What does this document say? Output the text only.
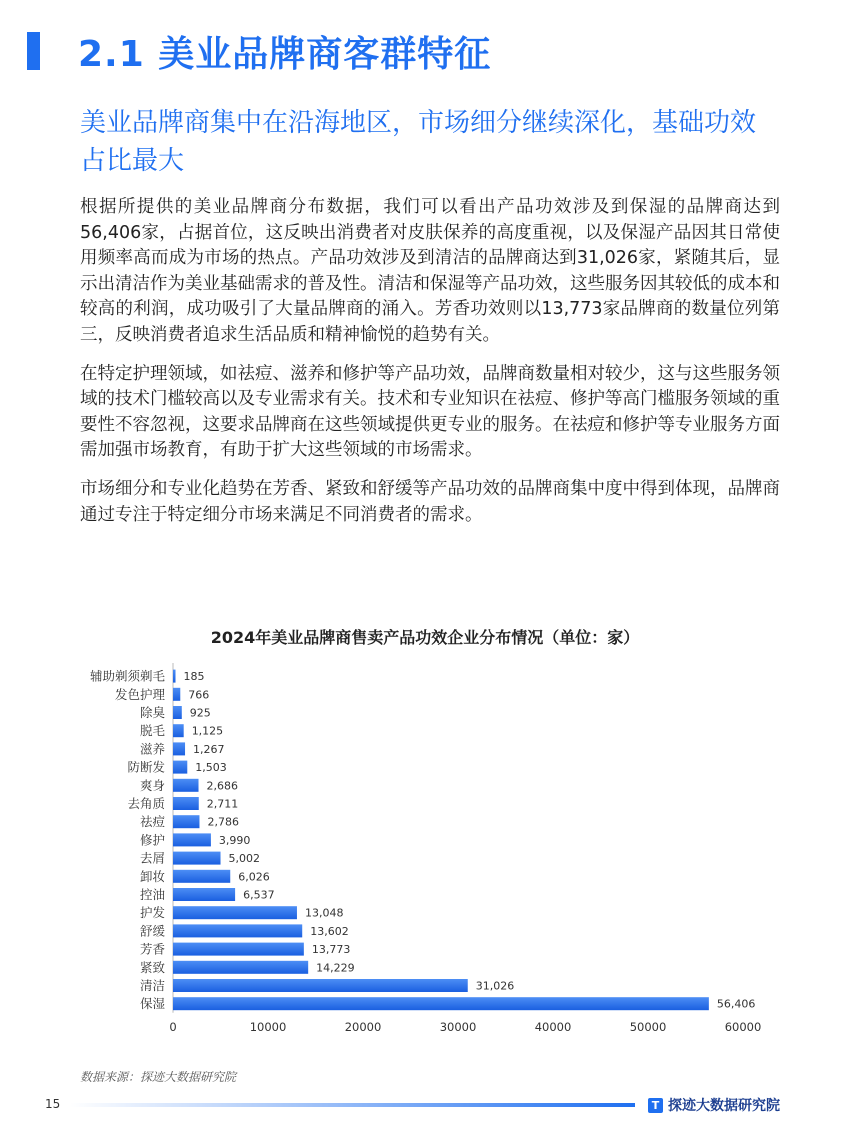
2.1 美业品牌商客群特征
美业品牌商集中在沿海地区，市场细分继续深化，基础功效占比最大

根据所提供的美业品牌商分布数据，我们可以看出产品功效涉及到保湿的品牌商达到56,406家，占据首位，这反映出消费者对皮肤保养的高度重视，以及保湿产品因其日常使用频率高而成为市场的热点。产品功效涉及到清洁的品牌商达到31,026家，紧随其后，显示出清洁作为美业基础需求的普及性。清洁和保湿等产品功效，这些服务因其较低的成本和较高的利润，成功吸引了大量品牌商的涌入。芳香功效则以13,773家品牌商的数量位列第三，反映消费者追求生活品质和精神愉悦的趋势有关。

在特定护理领域，如祛痘、滋养和修护等产品功效，品牌商数量相对较少，这与这些服务领域的技术门槛较高以及专业需求有关。技术和专业知识在祛痘、修护等高门槛服务领域的重要性不容忽视，这要求品牌商在这些领域提供更专业的服务。在祛痘和修护等专业服务方面需加强市场教育，有助于扩大这些领域的市场需求。

市场细分和专业化趋势在芳香、紧致和舒缓等产品功效的品牌商集中度中得到体现，品牌商通过专注于特定细分市场来满足不同消费者的需求。

2024年美业品牌商售卖产品功效企业分布情况（单位：家）
辅助剃须剃毛 185
发色护理 766
除臭 925
脱毛 1,125
滋养	1,267
防断发	1,503
爽身	2,686
去角质	2,711
祛痘	2,786
修护	3,990
去屑	5,002
卸妆	6,026
控油	6,537
护发	13,048
舒缓	13,602
芳香	13,773
紧致	14,229
清洁	31,026
保湿	56,406
0	10000	20000	30000	40000	50000	60000
数据来源：探迹大数据研究院
15	T 探迹大数据研究院
